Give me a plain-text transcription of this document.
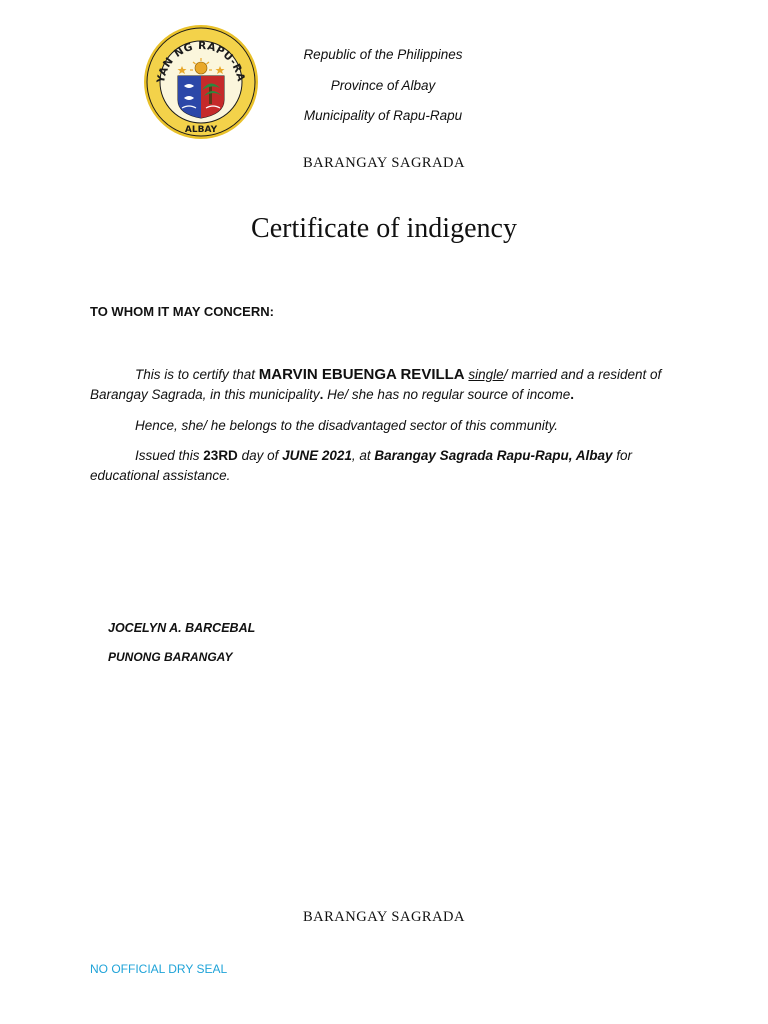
YAN NG RAPU-RA
ALBAY
Republic of the Philippines
Province of Albay
Municipality of Rapu-Rapu
BARANGAY SAGRADA
Certificate of indigency
TO WHOM IT MAY CONCERN:
This is to certify that MARVIN EBUENGA REVILLA single/ married and a resident of Barangay Sagrada, in this municipality. He/ she has no regular source of income.
Hence, she/ he belongs to the disadvantaged sector of this community.
Issued this 23RD day of JUNE 2021, at Barangay Sagrada Rapu-Rapu, Albay for educational assistance.
JOCELYN A. BARCEBAL
PUNONG BARANGAY
BARANGAY SAGRADA
NO OFFICIAL DRY SEAL
